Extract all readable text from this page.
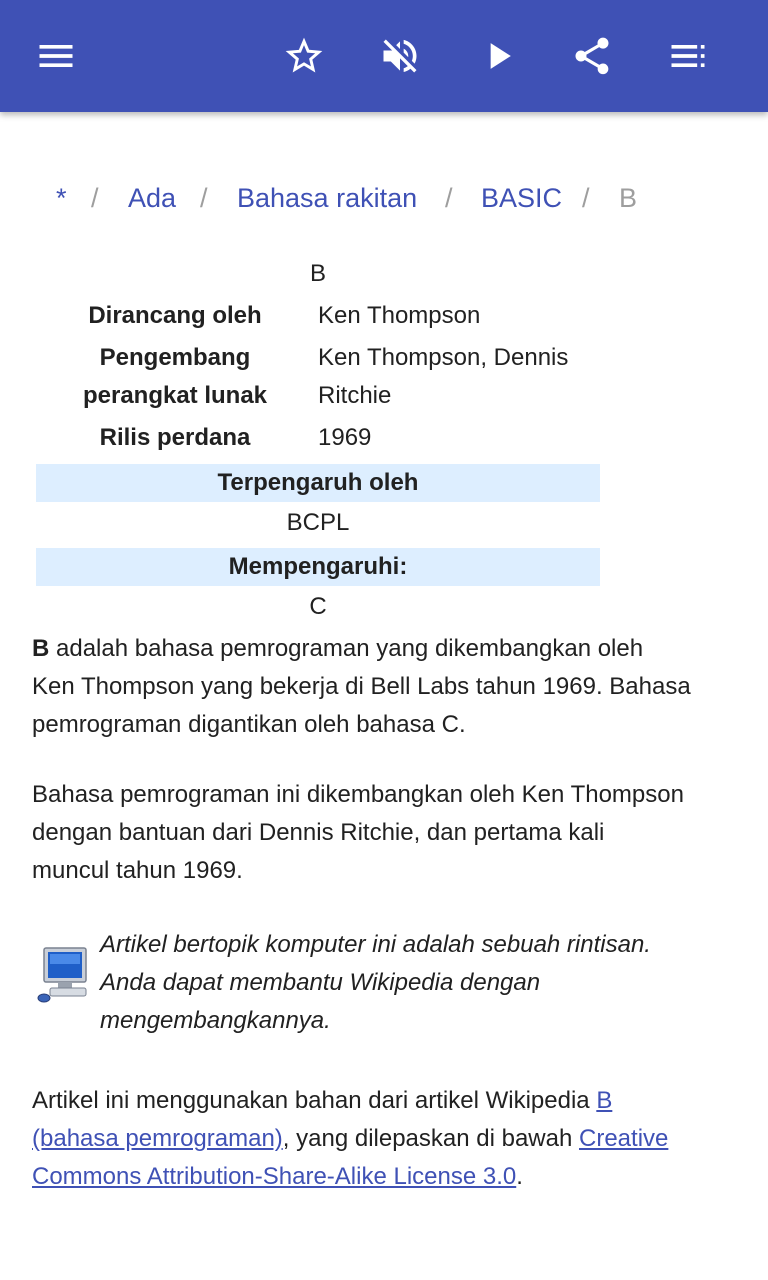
* / Ada / Bahasa rakitan / BASIC / B
B
Dirancang oleh	Ken Thompson
Pengembang
perangkat lunak
Ken Thompson, Dennis
Ritchie
Rilis perdana	1969
Terpengaruh oleh
BCPL
Mempengaruhi:
C
B adalah bahasa pemrograman yang dikembangkan oleh
Ken Thompson yang bekerja di Bell Labs tahun 1969. Bahasa
pemrograman digantikan oleh bahasa C.
Bahasa pemrograman ini dikembangkan oleh Ken Thompson
dengan bantuan dari Dennis Ritchie, dan pertama kali
muncul tahun 1969.
Artikel bertopik komputer ini adalah sebuah rintisan.
Anda dapat membantu Wikipedia dengan
mengembangkannya.
Artikel ini menggunakan bahan dari artikel Wikipedia B
(bahasa pemrograman), yang dilepaskan di bawah Creative
Commons Attribution-Share-Alike License 3.0.
